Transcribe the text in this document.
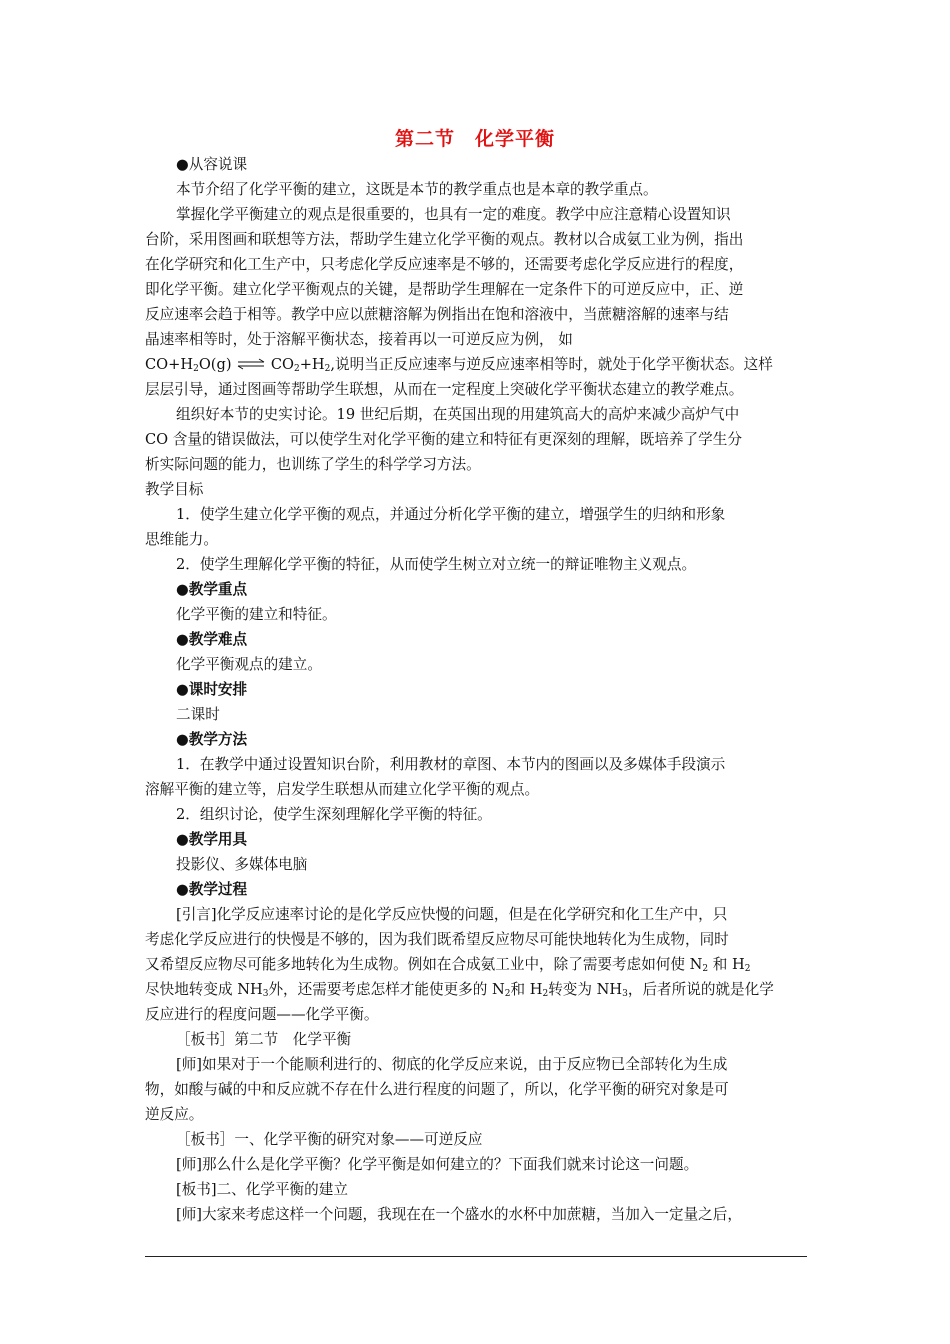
第二节　化学平衡
●从容说课
本节介绍了化学平衡的建立，这既是本节的教学重点也是本章的教学重点。
掌握化学平衡建立的观点是很重要的，也具有一定的难度。教学中应注意精心设置知识
台阶，采用图画和联想等方法，帮助学生建立化学平衡的观点。教材以合成氨工业为例，指出
在化学研究和化工生产中，只考虑化学反应速率是不够的，还需要考虑化学反应进行的程度，
即化学平衡。建立化学平衡观点的关键，是帮助学生理解在一定条件下的可逆反应中，正、逆
反应速率会趋于相等。教学中应以蔗糖溶解为例指出在饱和溶液中，当蔗糖溶解的速率与结
晶速率相等时，处于溶解平衡状态，接着再以一可逆反应为例， 如
$CO+H_2O(g)$ ⇌ $CO_2+H_2$,说明当正反应速率与逆反应速率相等时，就处于化学平衡状态。这样
层层引导，通过图画等帮助学生联想，从而在一定程度上突破化学平衡状态建立的教学难点。
组织好本节的史实讨论。19 世纪后期，在英国出现的用建筑高大的高炉来减少高炉气中
CO 含量的错误做法，可以使学生对化学平衡的建立和特征有更深刻的理解，既培养了学生分
析实际问题的能力，也训练了学生的科学学习方法。
教学目标
1．使学生建立化学平衡的观点，并通过分析化学平衡的建立，增强学生的归纳和形象
思维能力。
2．使学生理解化学平衡的特征，从而使学生树立对立统一的辩证唯物主义观点。
●教学重点
化学平衡的建立和特征。
●教学难点
化学平衡观点的建立。
●课时安排
二课时
●教学方法
1．在教学中通过设置知识台阶，利用教材的章图、本节内的图画以及多媒体手段演示
溶解平衡的建立等，启发学生联想从而建立化学平衡的观点。
2．组织讨论，使学生深刻理解化学平衡的特征。
●教学用具
投影仪、多媒体电脑
●教学过程
[引言]化学反应速率讨论的是化学反应快慢的问题，但是在化学研究和化工生产中，只
考虑化学反应进行的快慢是不够的，因为我们既希望反应物尽可能快地转化为生成物，同时
又希望反应物尽可能多地转化为生成物。例如在合成氨工业中，除了需要考虑如何使 $N_2$ 和 $H_2$
尽快地转变成 $NH_3$外，还需要考虑怎样才能使更多的 $N_2$和 $H_2$转变为 $NH_3$，后者所说的就是化学
反应进行的程度问题——化学平衡。
［板书］第二节　化学平衡
[师]如果对于一个能顺利进行的、彻底的化学反应来说，由于反应物已全部转化为生成
物，如酸与碱的中和反应就不存在什么进行程度的问题了，所以，化学平衡的研究对象是可
逆反应。
［板书］一、化学平衡的研究对象——可逆反应
[师]那么什么是化学平衡？化学平衡是如何建立的？下面我们就来讨论这一问题。
[板书]二、化学平衡的建立
[师]大家来考虑这样一个问题，我现在在一个盛水的水杯中加蔗糖，当加入一定量之后，
